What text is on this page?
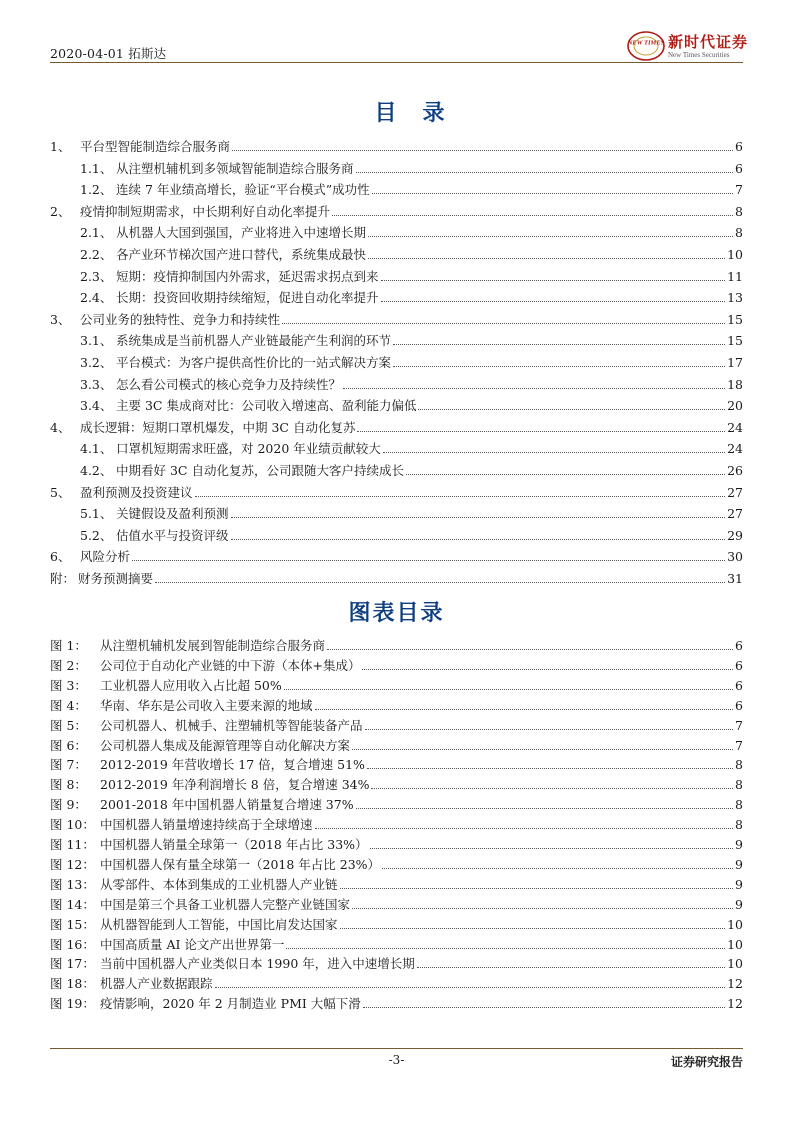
2020-04-01 拓斯达
NEW TIMES 新时代证券
New Times Securities
目录
1、 平台型智能制造综合服务商	6
1.1、 从注塑机辅机到多领域智能制造综合服务商	6
1.2、 连续 7 年业绩高增长，验证“平台模式”成功性	7
2、 疫情抑制短期需求，中长期利好自动化率提升	8
2.1、 从机器人大国到强国，产业将进入中速增长期	8
2.2、 各产业环节梯次国产进口替代，系统集成最快	10
2.3、 短期：疫情抑制国内外需求，延迟需求拐点到来	11
2.4、 长期：投资回收期持续缩短，促进自动化率提升	13
3、 公司业务的独特性、竞争力和持续性	15
3.1、 系统集成是当前机器人产业链最能产生利润的环节	15
3.2、 平台模式：为客户提供高性价比的一站式解决方案	17
3.3、 怎么看公司模式的核心竞争力及持续性？	18
3.4、 主要 3C 集成商对比：公司收入增速高、盈利能力偏低	20
4、 成长逻辑：短期口罩机爆发，中期 3C 自动化复苏	24
4.1、 口罩机短期需求旺盛，对 2020 年业绩贡献较大	24
4.2、 中期看好 3C 自动化复苏，公司跟随大客户持续成长	26
5、 盈利预测及投资建议	27
5.1、 关键假设及盈利预测	27
5.2、 估值水平与投资评级	29
6、 风险分析	30
附： 财务预测摘要	31
图表目录
图 1：	从注塑机辅机发展到智能制造综合服务商	6
图 2：	公司位于自动化产业链的中下游（本体+集成）	6
图 3：	工业机器人应用收入占比超 50%	6
图 4：	华南、华东是公司收入主要来源的地域	6
图 5：	公司机器人、机械手、注塑辅机等智能装备产品	7
图 6：	公司机器人集成及能源管理等自动化解决方案	7
图 7：	2012-2019 年营收增长 17 倍，复合增速 51%	8
图 8：	2012-2019 年净利润增长 8 倍，复合增速 34%	8
图 9：	2001-2018 年中国机器人销量复合增速 37%	8
图 10： 中国机器人销量增速持续高于全球增速	8
图 11： 中国机器人销量全球第一（2018 年占比 33%）	9
图 12： 中国机器人保有量全球第一（2018 年占比 23%）	9
图 13： 从零部件、本体到集成的工业机器人产业链	9
图 14： 中国是第三个具备工业机器人完整产业链国家	9
图 15： 从机器智能到人工智能，中国比肩发达国家	10
图 16： 中国高质量 AI 论文产出世界第一	10
图 17： 当前中国机器人产业类似日本 1990 年，进入中速增长期	10
图 18： 机器人产业数据跟踪	12
图 19： 疫情影响，2020 年 2 月制造业 PMI 大幅下滑	12
-3-	证券研究报告
